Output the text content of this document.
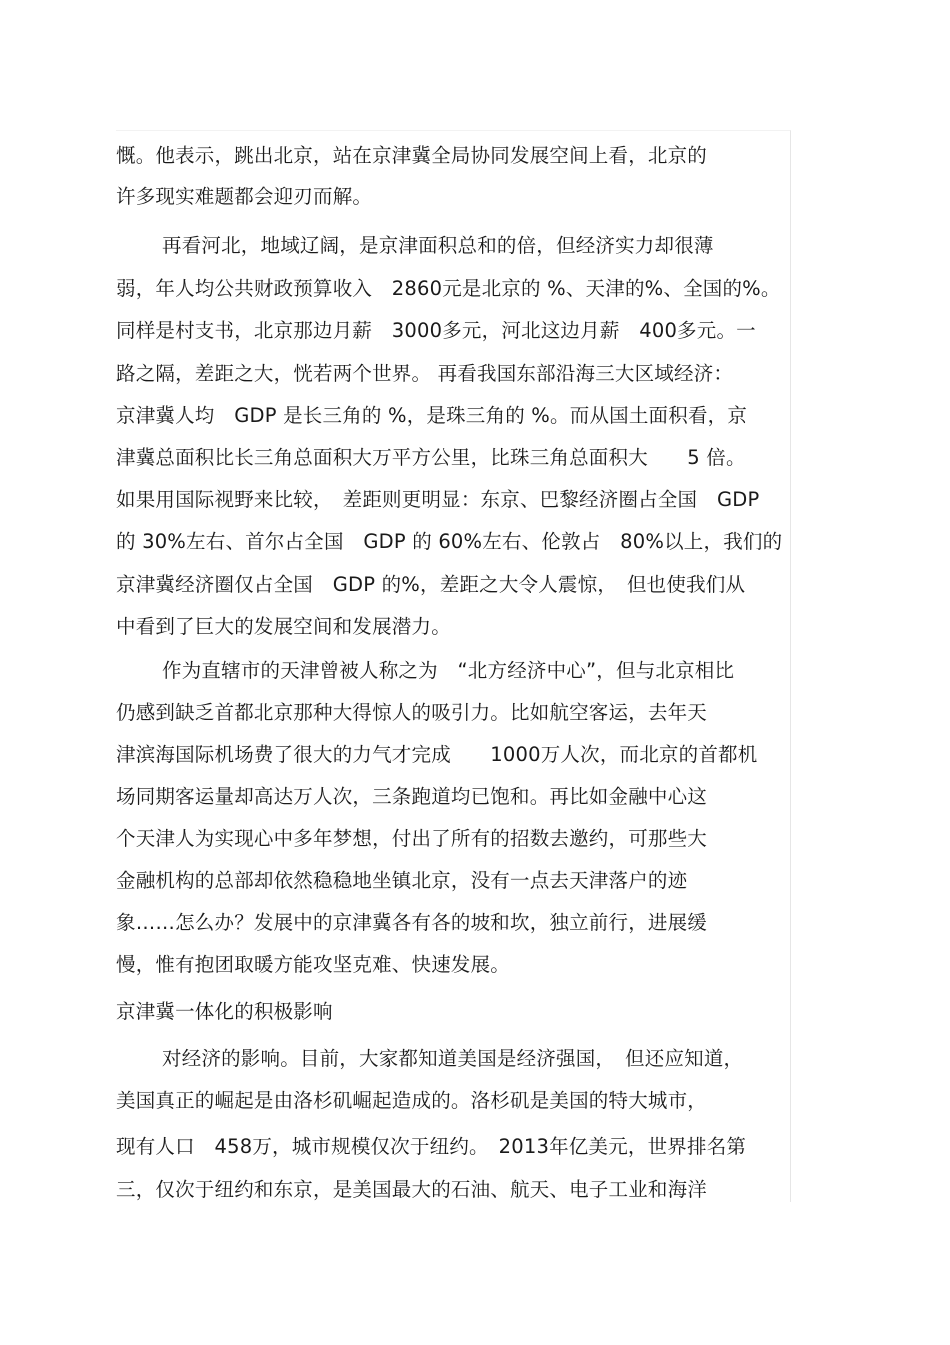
慨。他表示，跳出北京，站在京津冀全局协同发展空间上看，北京的
许多现实难题都会迎刃而解。
再看河北，地域辽阔，是京津面积总和的倍，但经济实力却很薄
弱，年人均公共财政预算收入　2860元是北京的 %、天津的%、全国的%。
同样是村支书，北京那边月薪　3000多元，河北这边月薪　400多元。一
路之隔，差距之大，恍若两个世界。 再看我国东部沿海三大区域经济：
京津冀人均　GDP 是长三角的 %，是珠三角的 %。而从国土面积看，京
津冀总面积比长三角总面积大万平方公里，比珠三角总面积大　　5 倍。
如果用国际视野来比较，　差距则更明显：东京、巴黎经济圈占全国　GDP
的 30%左右、首尔占全国　GDP 的 60%左右、伦敦占　80%以上，我们的
京津冀经济圈仅占全国　GDP 的%，差距之大令人震惊，　但也使我们从
中看到了巨大的发展空间和发展潜力。
作为直辖市的天津曾被人称之为　“北方经济中心”，但与北京相比
仍感到缺乏首都北京那种大得惊人的吸引力。比如航空客运，去年天
津滨海国际机场费了很大的力气才完成　　1000万人次，而北京的首都机
场同期客运量却高达万人次，三条跑道均已饱和。再比如金融中心这
个天津人为实现心中多年梦想，付出了所有的招数去邀约，可那些大
金融机构的总部却依然稳稳地坐镇北京，没有一点去天津落户的迹
象……怎么办？发展中的京津冀各有各的坡和坎，独立前行，进展缓
慢，惟有抱团取暖方能攻坚克难、快速发展。
京津冀一体化的积极影响
对经济的影响。目前，大家都知道美国是经济强国，　但还应知道，
美国真正的崛起是由洛杉矶崛起造成的。洛杉矶是美国的特大城市，
现有人口　458万，城市规模仅次于纽约。　2013年亿美元，世界排名第
三，仅次于纽约和东京，是美国最大的石油、航天、电子工业和海洋
